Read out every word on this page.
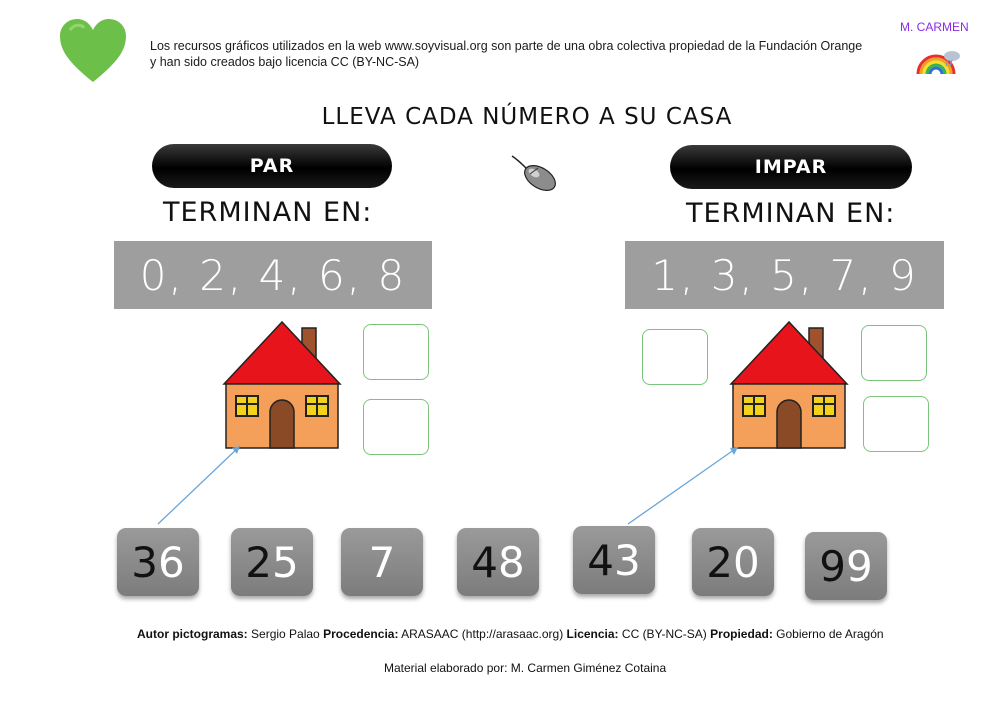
Los recursos gráficos utilizados en la web www.soyvisual.org son parte de una obra colectiva propiedad de la Fundación Orange y han sido creados bajo licencia CC (BY-NC-SA)
M. CARMEN
LLEVA CADA NÚMERO A SU CASA
PAR
TERMINAN EN:
0, 2, 4, 6, 8
IMPAR
TERMINAN EN:
1, 3, 5, 7, 9
3 6 2 5 7 4 8 4 3 2 0 9 9
Autor pictogramas: Sergio Palao Procedencia: ARASAAC (http://arasaac.org) Licencia: CC (BY-NC-SA) Propiedad: Gobierno de Aragón
Material elaborado por: M. Carmen Giménez Cotaina
